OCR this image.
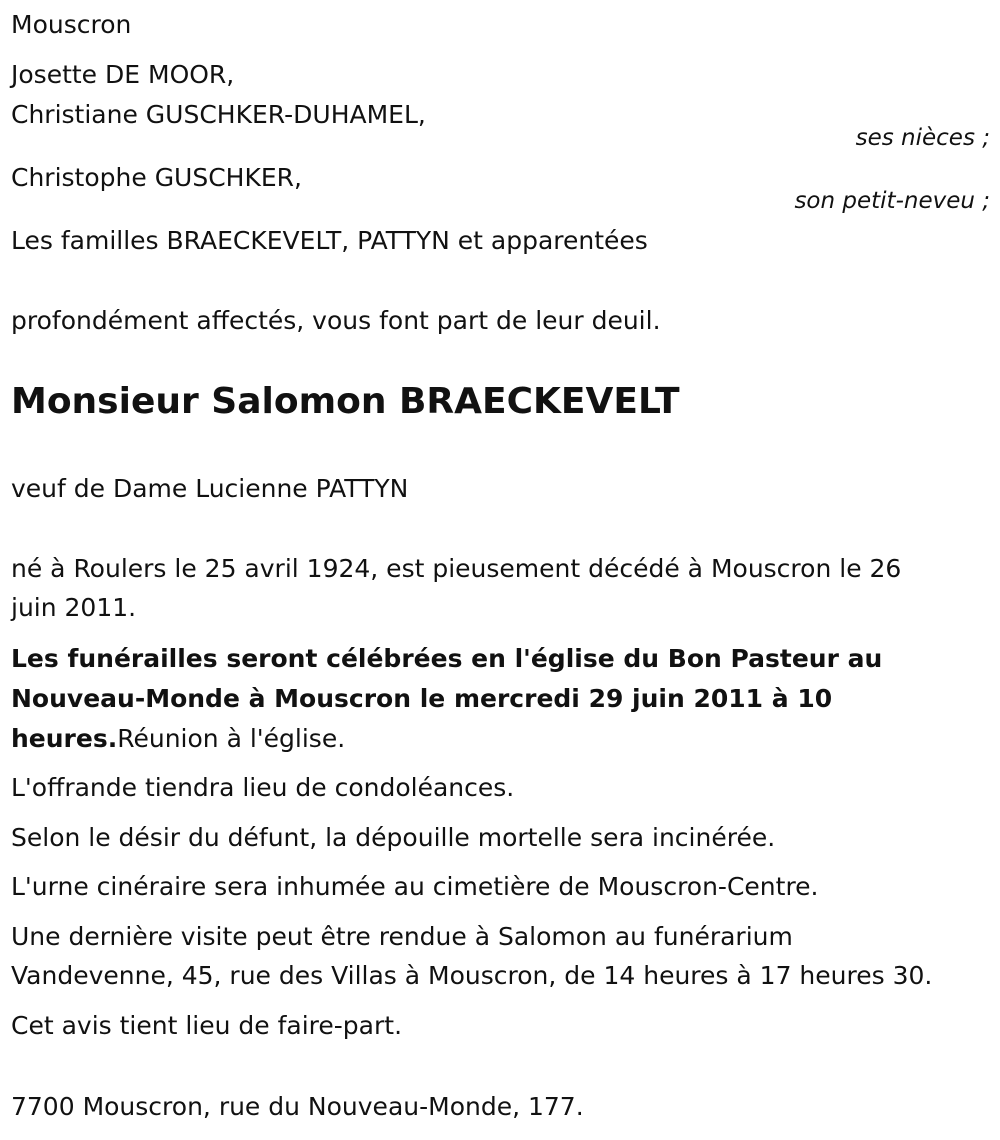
Mouscron
Josette DE MOOR,
Christiane GUSCHKER-DUHAMEL,
ses nièces ;
Christophe GUSCHKER,
son petit-neveu ;
Les familles BRAECKEVELT, PATTYN et apparentées
profondément affectés, vous font part de leur deuil.
Monsieur Salomon BRAECKEVELT
veuf de Dame Lucienne PATTYN
né à Roulers le 25 avril 1924, est pieusement décédé à Mouscron le 26
juin 2011.
Les funérailles seront célébrées en l'église du Bon Pasteur au
Nouveau-Monde à Mouscron le mercredi 29 juin 2011 à 10
heures.Réunion à l'église.
L'offrande tiendra lieu de condoléances.
Selon le désir du défunt, la dépouille mortelle sera incinérée.
L'urne cinéraire sera inhumée au cimetière de Mouscron-Centre.
Une dernière visite peut être rendue à Salomon au funérarium
Vandevenne, 45, rue des Villas à Mouscron, de 14 heures à 17 heures 30.
Cet avis tient lieu de faire-part.
7700 Mouscron, rue du Nouveau-Monde, 177.
